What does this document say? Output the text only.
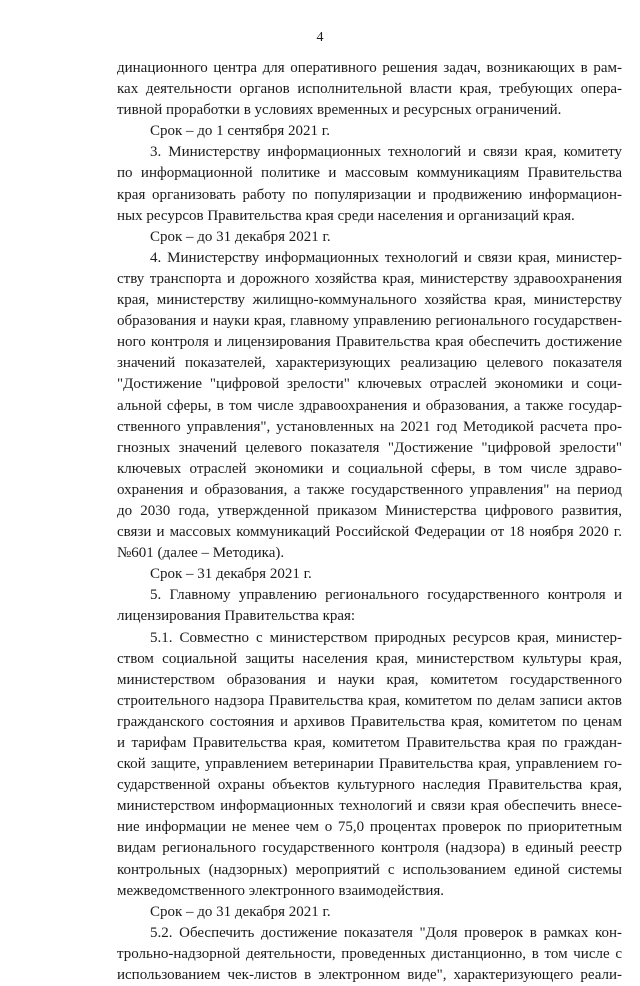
4
динационного центра для оперативного решения задач, возникающих в рам-
ках деятельности органов исполнительной власти края, требующих опера-
тивной проработки в условиях временных и ресурсных ограничений.
Срок – до 1 сентября 2021 г.
3. Министерству информационных технологий и связи края, комитету
по информационной политике и массовым коммуникациям Правительства
края организовать работу по популяризации и продвижению информацион-
ных ресурсов Правительства края среди населения и организаций края.
Срок – до 31 декабря 2021 г.
4. Министерству информационных технологий и связи края, министер-
ству транспорта и дорожного хозяйства края, министерству здравоохранения
края, министерству жилищно-коммунального хозяйства края, министерству
образования и науки края, главному управлению регионального государствен-
ного контроля и лицензирования Правительства края обеспечить достижение
значений показателей, характеризующих реализацию целевого показателя
"Достижение "цифровой зрелости" ключевых отраслей экономики и соци-
альной сферы, в том числе здравоохранения и образования, а также государ-
ственного управления", установленных на 2021 год Методикой расчета про-
гнозных значений целевого показателя "Достижение "цифровой зрелости"
ключевых отраслей экономики и социальной сферы, в том числе здраво-
охранения и образования, а также государственного управления" на период
до 2030 года, утвержденной приказом Министерства цифрового развития,
связи и массовых коммуникаций Российской Федерации от 18 ноября 2020 г.
№601 (далее – Методика).
Срок – 31 декабря 2021 г.
5. Главному управлению регионального государственного контроля и
лицензирования Правительства края:
5.1. Совместно с министерством природных ресурсов края, министер-
ством социальной защиты населения края, министерством культуры края,
министерством образования и науки края, комитетом государственного
строительного надзора Правительства края, комитетом по делам записи актов
гражданского состояния и архивов Правительства края, комитетом по ценам
и тарифам Правительства края, комитетом Правительства края по граждан-
ской защите, управлением ветеринарии Правительства края, управлением го-
сударственной охраны объектов культурного наследия Правительства края,
министерством информационных технологий и связи края обеспечить внесе-
ние информации не менее чем о 75,0 процентах проверок по приоритетным
видам регионального государственного контроля (надзора) в единый реестр
контрольных (надзорных) мероприятий с использованием единой системы
межведомственного электронного взаимодействия.
Срок – до 31 декабря 2021 г.
5.2. Обеспечить достижение показателя "Доля проверок в рамках кон-
трольно-надзорной деятельности, проведенных дистанционно, в том числе с
использованием чек-листов в электронном виде", характеризующего реали-
